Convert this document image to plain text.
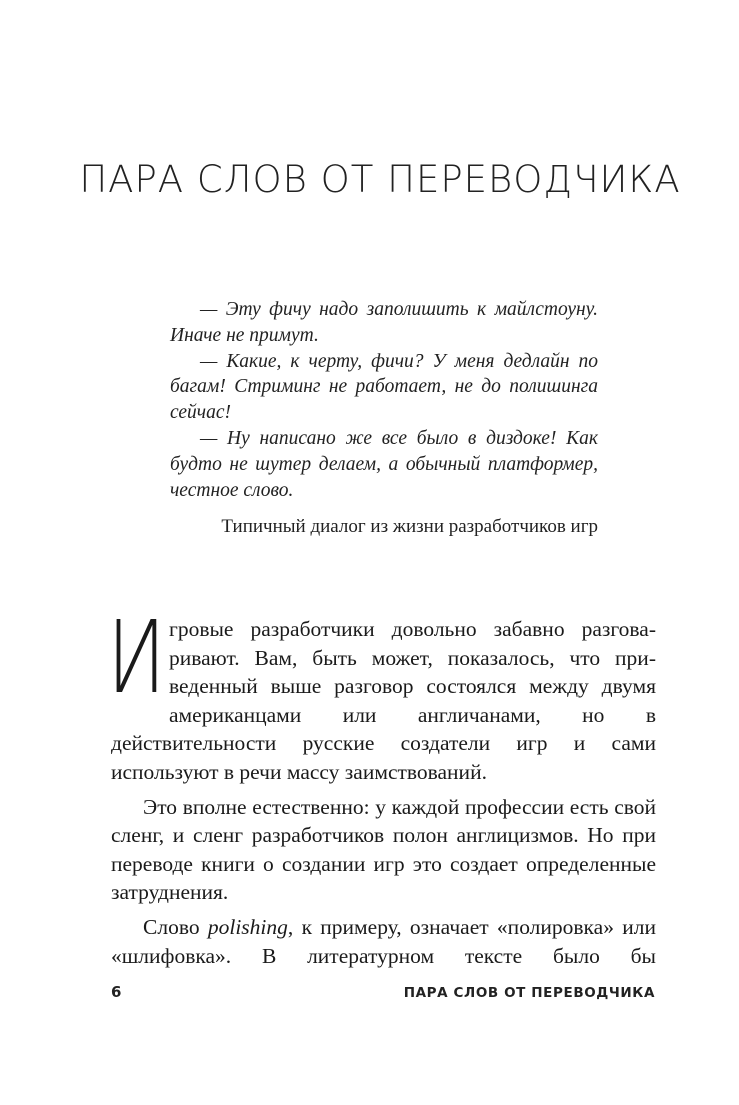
ПАРА СЛОВ ОТ ПЕРЕВОДЧИКА

— Эту фичу надо заполишить к майлстоуну. Иначе не примут.

— Какие, к черту, фичи? У меня дедлайн по багам! Стриминг не работает, не до полишинга сейчас!

— Ну написано же все было в диздоке! Как будто не шутер делаем, а обычный платформер, честное слово.

Типичный диалог из жизни разработчиков игр

Игровые разработчики довольно забавно разговаривают. Вам, быть может, показалось, что приведенный выше разговор состоялся между двумя американцами или англичанами, но в действительности русские создатели игр и сами используют в речи массу заимствований.

Это вполне естественно: у каждой профессии есть свой сленг, и сленг разработчиков полон англицизмов. Но при переводе книги о создании игр это создает определенные затруднения.

Слово polishing, к примеру, означает «полировка» или «шлифовка». В литературном тексте было бы

6	ПАРА СЛОВ ОТ ПЕРЕВОДЧИКА
